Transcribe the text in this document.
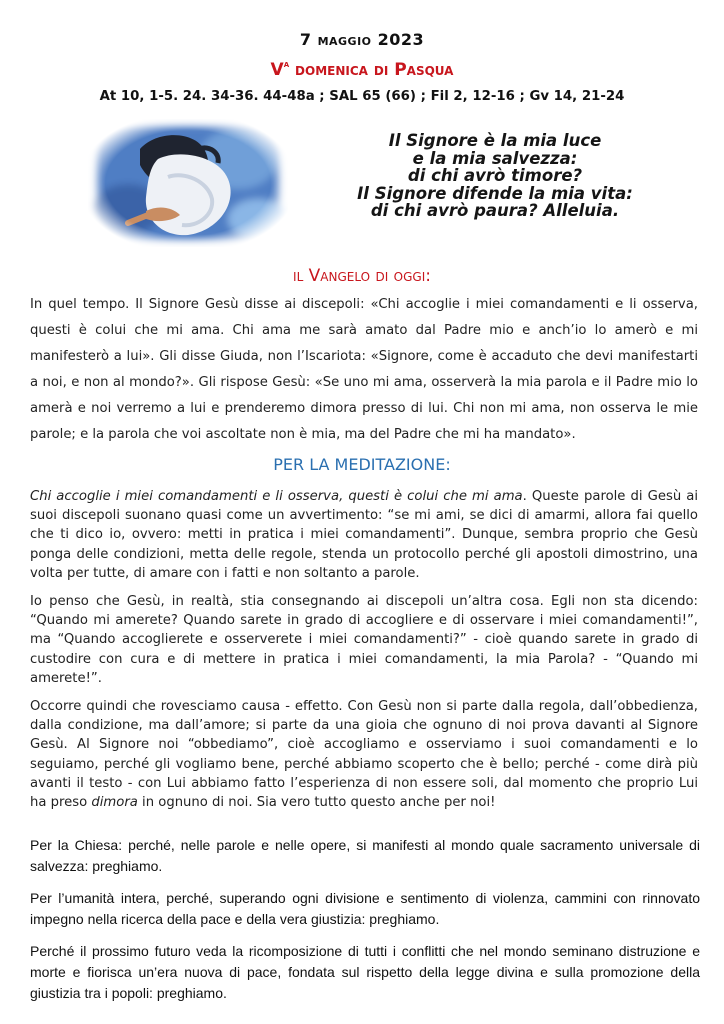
7 maggio 2023
$V^a$ domenica di Pasqua
At 10, 1-5. 24. 34-36. 44-48a ; SAL 65 (66) ; Fil 2, 12-16 ; Gv 14, 21-24
Il Signore è la mia luce
e la mia salvezza:
di chi avrò timore?
Il Signore difende la mia vita:
di chi avrò paura? Alleluia.
il Vangelo di oggi:
In quel tempo. Il Signore Gesù disse ai discepoli: «Chi accoglie i miei comandamenti e li osserva, questi è colui che mi ama. Chi ama me sarà amato dal Padre mio e anch’io lo amerò e mi manifesterò a lui». Gli disse Giuda, non l’Iscariota: «Signore, come è accaduto che devi manifestarti a noi, e non al mondo?». Gli rispose Gesù: «Se uno mi ama, osserverà la mia parola e il Padre mio lo amerà e noi verremo a lui e prenderemo dimora presso di lui. Chi non mi ama, non osserva le mie parole; e la parola che voi ascoltate non è mia, ma del Padre che mi ha mandato».
PER LA MEDITAZIONE:
Chi accoglie i miei comandamenti e li osserva, questi è colui che mi ama. Queste parole di Gesù ai suoi discepoli suonano quasi come un avvertimento: “se mi ami, se dici di amarmi, allora fai quello che ti dico io, ovvero: metti in pratica i miei comandamenti”. Dunque, sembra proprio che Gesù ponga delle condizioni, metta delle regole, stenda un protocollo perché gli apostoli dimostrino, una volta per tutte, di amare con i fatti e non soltanto a parole.
Io penso che Gesù, in realtà, stia consegnando ai discepoli un’altra cosa. Egli non sta dicendo: “Quando mi amerete? Quando sarete in grado di accogliere e di osservare i miei comandamenti!”, ma “Quando accoglierete e osserverete i miei comandamenti?” - cioè quando sarete in grado di custodire con cura e di mettere in pratica i miei comandamenti, la mia Parola? - “Quando mi amerete!”.
Occorre quindi che rovesciamo causa - effetto. Con Gesù non si parte dalla regola, dall’obbedienza, dalla condizione, ma dall’amore; si parte da una gioia che ognuno di noi prova davanti al Signore Gesù. Al Signore noi “obbediamo”, cioè accogliamo e osserviamo i suoi comandamenti e lo seguiamo, perché gli vogliamo bene, perché abbiamo scoperto che è bello; perché - come dirà più avanti il testo - con Lui abbiamo fatto l’esperienza di non essere soli, dal momento che proprio Lui ha preso dimora in ognuno di noi. Sia vero tutto questo anche per noi!
Per la Chiesa: perché, nelle parole e nelle opere, si manifesti al mondo quale sacramento universale di salvezza: preghiamo.
Per l’umanità intera, perché, superando ogni divisione e sentimento di violenza, cammini con rinnovato impegno nella ricerca della pace e della vera giustizia: preghiamo.
Perché il prossimo futuro veda la ricomposizione di tutti i conflitti che nel mondo seminano distruzione e morte e fiorisca un’era nuova di pace, fondata sul rispetto della legge divina e sulla promozione della giustizia tra i popoli: preghiamo.
